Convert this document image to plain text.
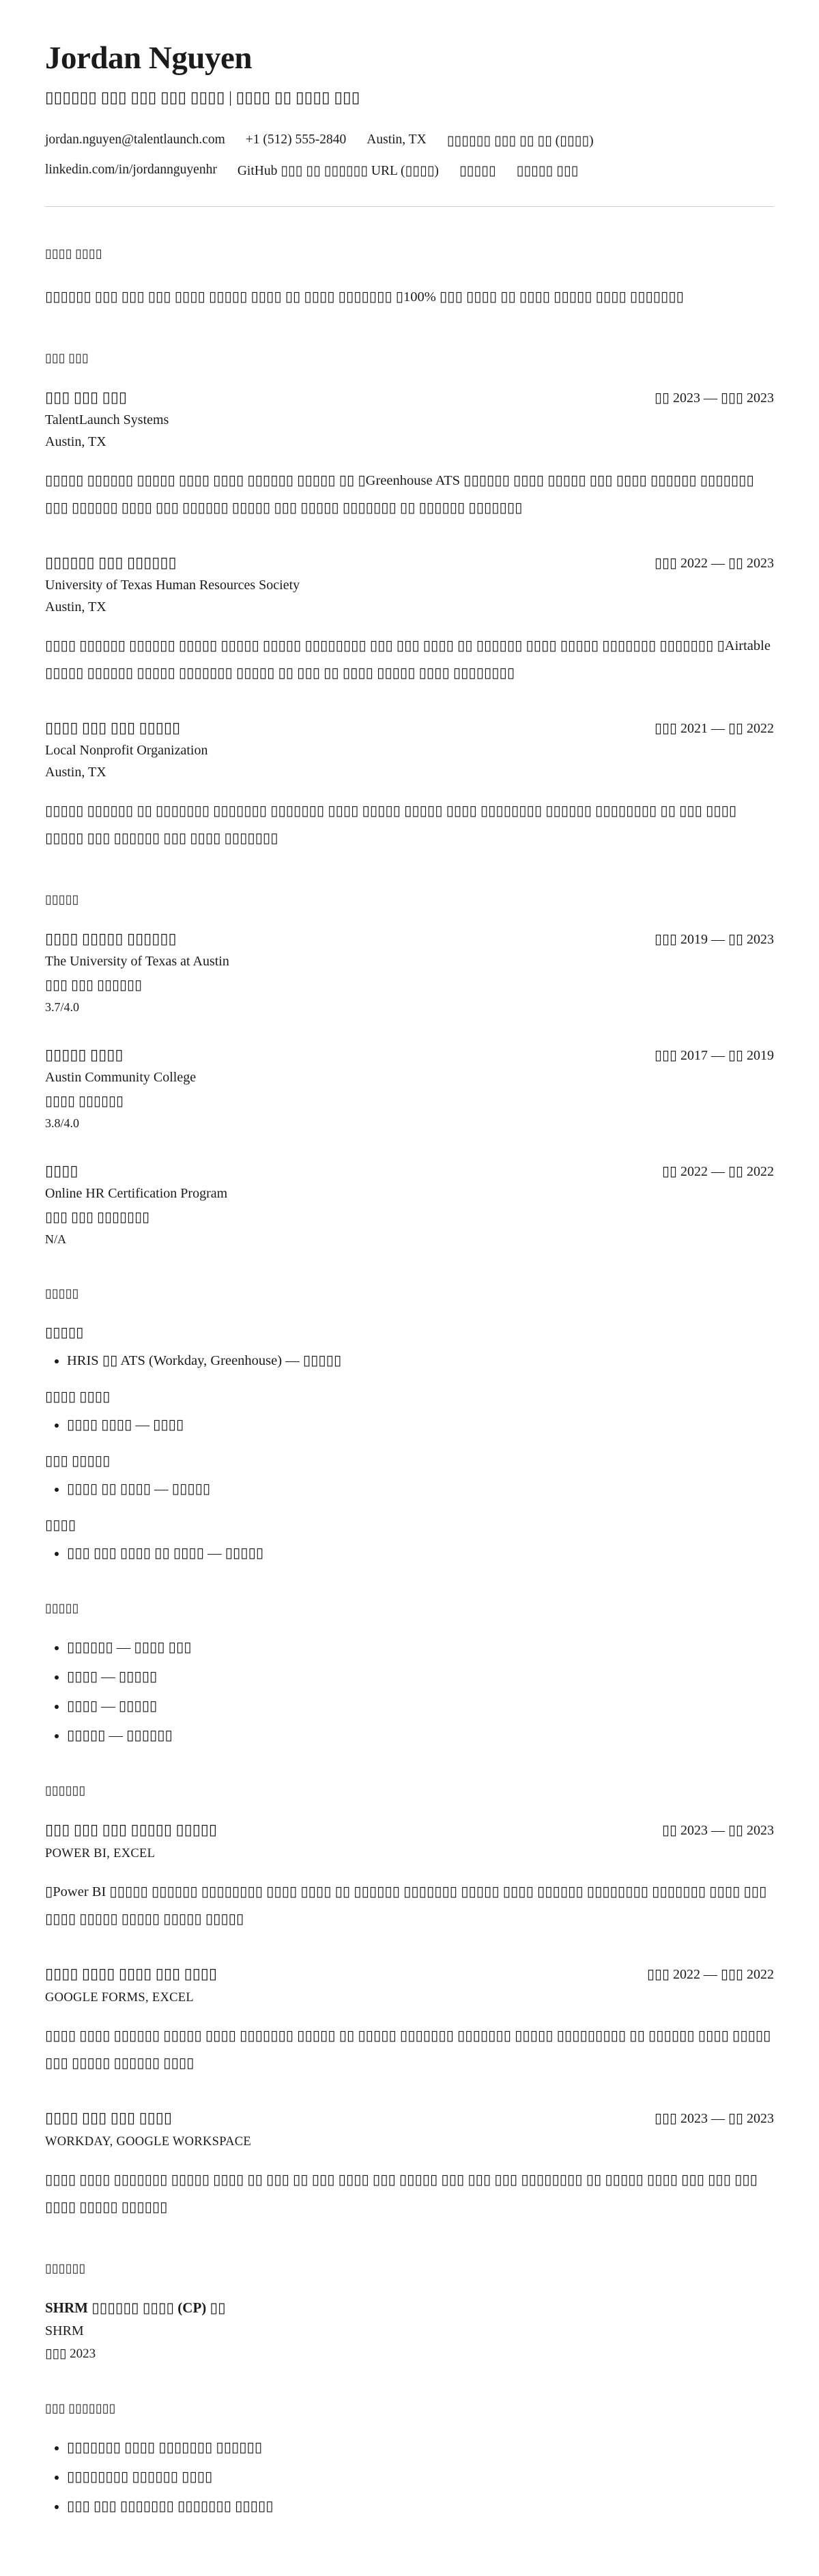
Jordan Nguyen
▯▯▯▯▯▯ ▯▯▯ ▯▯▯ ▯▯▯ ▯▯▯▯ | ▯▯▯▯ ▯▯ ▯▯▯▯ ▯▯▯
jordan.nguyen@talentlaunch.com +1 (512) 555-2840 Austin, TX ▯▯▯▯▯▯ ▯▯▯ ▯▯ ▯▯ (▯▯▯▯)
linkedin.com/in/jordannguyenhr GitHub ▯▯▯ ▯▯ ▯▯▯▯▯▯ URL (▯▯▯▯) ▯▯▯▯▯ ▯▯▯▯▯ ▯▯▯
▯▯▯▯ ▯▯▯▯

▯▯▯▯▯▯ ▯▯▯ ▯▯▯ ▯▯▯ ▯▯▯▯ ▯▯▯▯▯ ▯▯▯▯ ▯▯ ▯▯▯▯ ▯▯▯▯▯▯▯ ▯100% ▯▯▯ ▯▯▯▯ ▯▯ ▯▯▯▯ ▯▯▯▯▯ ▯▯▯▯ ▯▯▯▯▯▯▯

▯▯▯ ▯▯▯
▯▯▯ ▯▯▯ ▯▯▯	▯▯ 2023 — ▯▯▯ 2023
TalentLaunch Systems
Austin, TX

▯▯▯▯▯ ▯▯▯▯▯▯ ▯▯▯▯▯ ▯▯▯▯ ▯▯▯▯ ▯▯▯▯▯▯ ▯▯▯▯▯ ▯▯ ▯Greenhouse ATS ▯▯▯▯▯▯ ▯▯▯▯ ▯▯▯▯▯ ▯▯▯ ▯▯▯▯ ▯▯▯▯▯▯ ▯▯▯▯▯▯▯ ▯▯▯ ▯▯▯▯▯▯ ▯▯▯▯ ▯▯▯ ▯▯▯▯▯▯ ▯▯▯▯▯ ▯▯▯ ▯▯▯▯▯ ▯▯▯▯▯▯▯ ▯▯ ▯▯▯▯▯▯ ▯▯▯▯▯▯▯

▯▯▯▯▯▯ ▯▯▯ ▯▯▯▯▯▯	▯▯▯ 2022 — ▯▯ 2023
University of Texas Human Resources Society
Austin, TX

▯▯▯▯ ▯▯▯▯▯▯ ▯▯▯▯▯▯ ▯▯▯▯▯ ▯▯▯▯▯ ▯▯▯▯▯ ▯▯▯▯▯▯▯▯ ▯▯▯ ▯▯▯ ▯▯▯▯ ▯▯ ▯▯▯▯▯▯ ▯▯▯▯ ▯▯▯▯▯ ▯▯▯▯▯▯▯ ▯▯▯▯▯▯▯ ▯Airtable ▯▯▯▯▯ ▯▯▯▯▯▯ ▯▯▯▯▯ ▯▯▯▯▯▯▯ ▯▯▯▯▯ ▯▯ ▯▯▯ ▯▯ ▯▯▯▯ ▯▯▯▯▯ ▯▯▯▯ ▯▯▯▯▯▯▯▯

▯▯▯▯ ▯▯▯ ▯▯▯ ▯▯▯▯▯	▯▯▯ 2021 — ▯▯ 2022
Local Nonprofit Organization
Austin, TX

▯▯▯▯▯ ▯▯▯▯▯▯ ▯▯ ▯▯▯▯▯▯▯ ▯▯▯▯▯▯▯ ▯▯▯▯▯▯▯ ▯▯▯▯ ▯▯▯▯▯ ▯▯▯▯▯ ▯▯▯▯ ▯▯▯▯▯▯▯▯ ▯▯▯▯▯▯ ▯▯▯▯▯▯▯▯ ▯▯ ▯▯▯ ▯▯▯▯ ▯▯▯▯▯ ▯▯▯ ▯▯▯▯▯▯ ▯▯▯ ▯▯▯▯ ▯▯▯▯▯▯▯

▯▯▯▯▯
▯▯▯▯ ▯▯▯▯▯ ▯▯▯▯▯▯	▯▯▯ 2019 — ▯▯ 2023
The University of Texas at Austin
▯▯▯ ▯▯▯ ▯▯▯▯▯▯
3.7/4.0
▯▯▯▯▯ ▯▯▯▯	▯▯▯ 2017 — ▯▯ 2019
Austin Community College
▯▯▯▯ ▯▯▯▯▯▯
3.8/4.0
▯▯▯▯	▯▯ 2022 — ▯▯ 2022
Online HR Certification Program
▯▯▯ ▯▯▯ ▯▯▯▯▯▯▯
N/A
▯▯▯▯▯
▯▯▯▯▯
• HRIS ▯▯ ATS (Workday, Greenhouse) — ▯▯▯▯▯
▯▯▯▯ ▯▯▯▯
• ▯▯▯▯ ▯▯▯▯ — ▯▯▯▯
▯▯▯ ▯▯▯▯▯
• ▯▯▯▯ ▯▯ ▯▯▯▯ — ▯▯▯▯▯
▯▯▯▯
• ▯▯▯ ▯▯▯ ▯▯▯▯ ▯▯ ▯▯▯▯ — ▯▯▯▯▯
▯▯▯▯▯
• ▯▯▯▯▯▯ — ▯▯▯▯ ▯▯▯
• ▯▯▯▯ — ▯▯▯▯▯
• ▯▯▯▯ — ▯▯▯▯▯
• ▯▯▯▯▯ — ▯▯▯▯▯▯
▯▯▯▯▯▯
▯▯▯ ▯▯▯ ▯▯▯ ▯▯▯▯▯ ▯▯▯▯▯	▯▯ 2023 — ▯▯ 2023
POWER BI, EXCEL

▯Power BI ▯▯▯▯▯ ▯▯▯▯▯▯ ▯▯▯▯▯▯▯▯ ▯▯▯▯ ▯▯▯▯ ▯▯ ▯▯▯▯▯▯ ▯▯▯▯▯▯▯ ▯▯▯▯▯ ▯▯▯▯ ▯▯▯▯▯▯ ▯▯▯▯▯▯▯▯ ▯▯▯▯▯▯▯ ▯▯▯▯ ▯▯▯ ▯▯▯▯ ▯▯▯▯▯ ▯▯▯▯▯ ▯▯▯▯▯ ▯▯▯▯▯

▯▯▯▯ ▯▯▯▯ ▯▯▯▯ ▯▯▯ ▯▯▯▯	▯▯▯ 2022 — ▯▯▯ 2022
GOOGLE FORMS, EXCEL

▯▯▯▯ ▯▯▯▯ ▯▯▯▯▯▯ ▯▯▯▯▯ ▯▯▯▯ ▯▯▯▯▯▯▯ ▯▯▯▯▯ ▯▯ ▯▯▯▯▯ ▯▯▯▯▯▯▯ ▯▯▯▯▯▯▯ ▯▯▯▯▯ ▯▯▯▯▯▯▯▯▯ ▯▯ ▯▯▯▯▯▯ ▯▯▯▯ ▯▯▯▯▯ ▯▯▯ ▯▯▯▯▯ ▯▯▯▯▯▯ ▯▯▯▯

▯▯▯▯ ▯▯▯ ▯▯▯ ▯▯▯▯	▯▯▯ 2023 — ▯▯ 2023
WORKDAY, GOOGLE WORKSPACE

▯▯▯▯ ▯▯▯▯ ▯▯▯▯▯▯▯ ▯▯▯▯▯ ▯▯▯▯ ▯▯ ▯▯▯ ▯▯ ▯▯▯ ▯▯▯▯ ▯▯▯ ▯▯▯▯▯ ▯▯▯ ▯▯▯ ▯▯▯ ▯▯▯▯▯▯▯▯ ▯▯ ▯▯▯▯▯ ▯▯▯▯ ▯▯▯ ▯▯▯ ▯▯▯ ▯▯▯▯ ▯▯▯▯▯ ▯▯▯▯▯▯

▯▯▯▯▯▯
SHRM ▯▯▯▯▯▯ ▯▯▯▯ (CP) ▯▯
SHRM
▯▯▯ 2023
▯▯▯ ▯▯▯▯▯▯▯
• ▯▯▯▯▯▯▯ ▯▯▯▯ ▯▯▯▯▯▯▯ ▯▯▯▯▯▯
• ▯▯▯▯▯▯▯▯ ▯▯▯▯▯▯ ▯▯▯▯
• ▯▯▯ ▯▯▯ ▯▯▯▯▯▯▯ ▯▯▯▯▯▯▯ ▯▯▯▯▯
